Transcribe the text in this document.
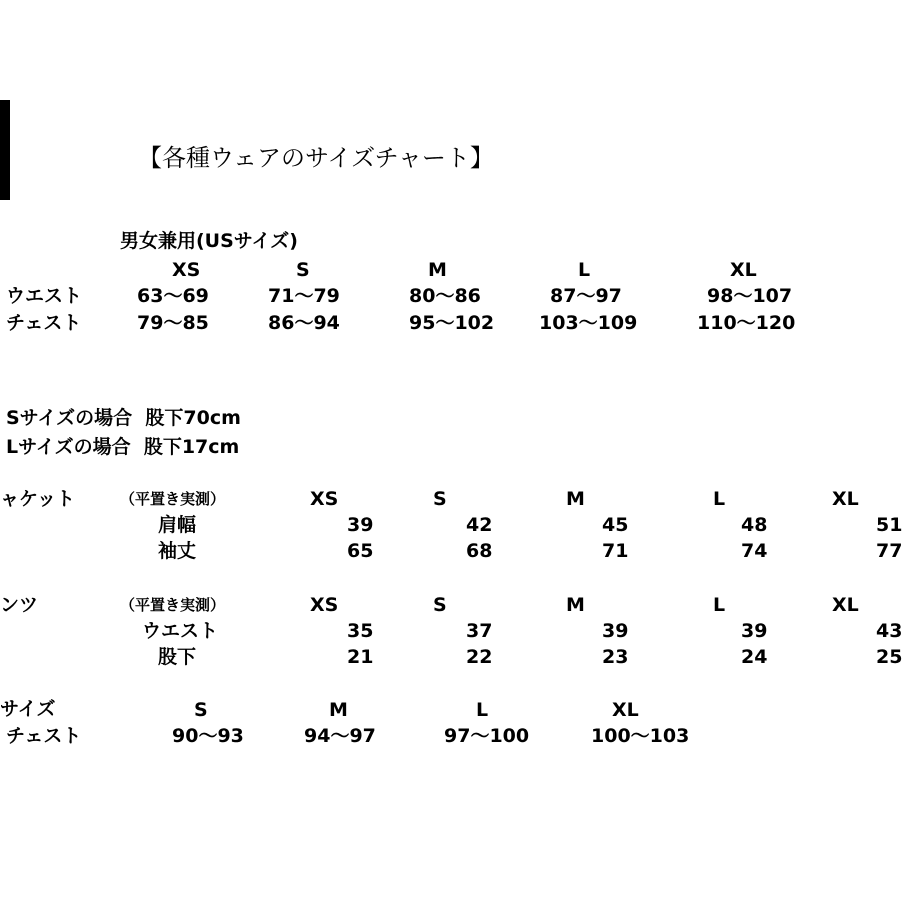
【各種ウェアのサイズチャート】
男女兼用(USサイズ)
XS	S	M	L	XL
ウエスト	63〜69	71〜79	80〜86	87〜97	98〜107
チェスト	79〜85	86〜94	95〜102 103〜109	110〜120
Sサイズの場合  股下70cm
Lサイズの場合  股下17cm
ャケット	（平置き実測）	XS	S	M	L	XL
肩幅	39	42	45	48	51
袖丈	65	68	71	74	77
ンツ	（平置き実測）	XS	S	M	L	XL
ウエスト	35	37	39	39	43
股下	21	22	23	24	25
サイズ	S	M	L	XL
チェスト	90〜93	94〜97	97〜100	100〜103
